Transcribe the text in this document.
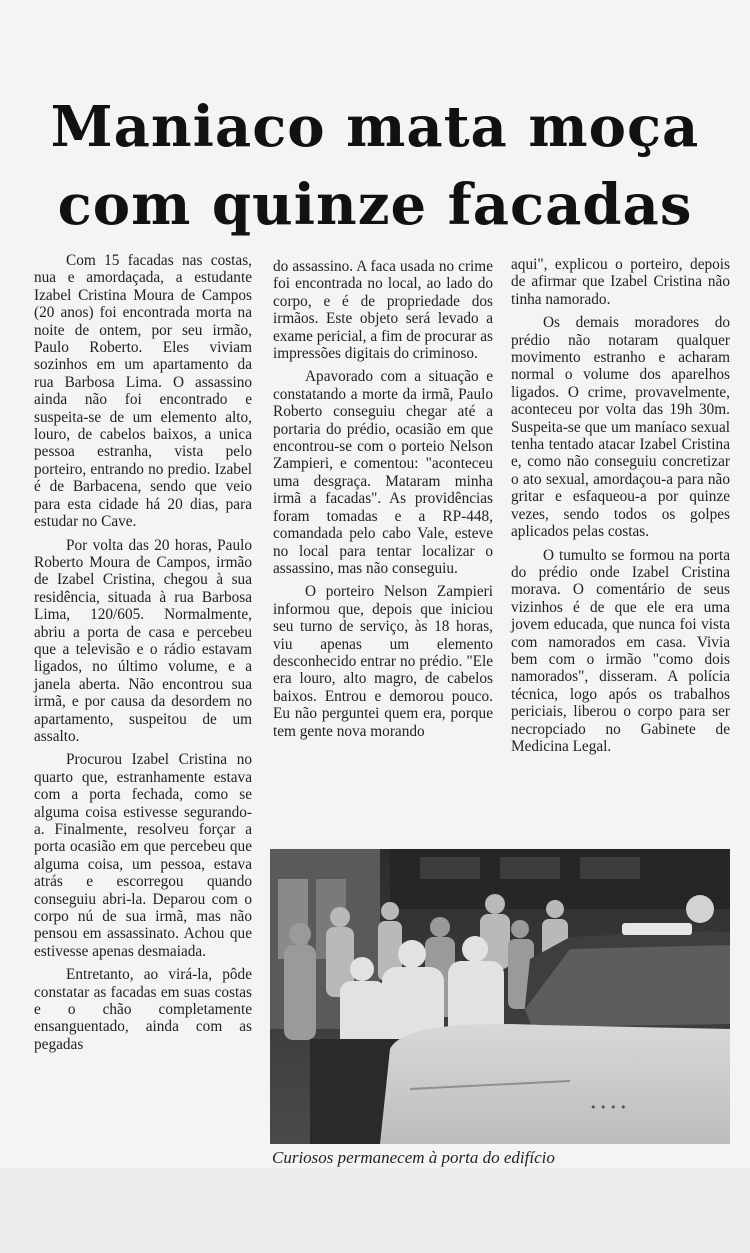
Maniaco mata moça
com quinze facadas

Com 15 facadas nas costas, nua e amordaçada, a estudante Izabel Cristina Moura de Campos (20 anos) foi encontrada morta na noite de ontem, por seu irmão, Paulo Roberto. Eles viviam sozinhos em um apartamento da rua Barbosa Lima. O assassino ainda não foi encontrado e suspeita-se de um elemento alto, louro, de cabelos baixos, a unica pessoa estranha, vista pelo porteiro, entrando no predio. Izabel é de Barbacena, sendo que veio para esta cidade há 20 dias, para estudar no Cave.

Por volta das 20 horas, Paulo Roberto Moura de Campos, irmão de Izabel Cristina, chegou à sua residência, situada à rua Barbosa Lima, 120/605. Normalmente, abriu a porta de casa e percebeu que a televisão e o rádio estavam ligados, no último volume, e a janela aberta. Não encontrou sua irmã, e por causa da desordem no apartamento, suspeitou de um assalto.

Procurou Izabel Cristina no quarto que, estranhamente estava com a porta fechada, como se alguma coisa estivesse segurando-a. Finalmente, resolveu forçar a porta ocasião em que percebeu que alguma coisa, um pessoa, estava atrás e escorregou quando conseguiu abri-la. Deparou com o corpo nú de sua irmã, mas não pensou em assassinato. Achou que estivesse apenas desmaiada.

Entretanto, ao virá-la, pôde constatar as facadas em suas costas e o chão completamente ensanguentado, ainda com as pegadas

do assassino. A faca usada no crime foi encontrada no local, ao lado do corpo, e é de propriedade dos irmãos. Este objeto será levado a exame pericial, a fim de procurar as impressões digitais do criminoso.

Apavorado com a situação e constatando a morte da irmã, Paulo Roberto conseguiu chegar até a portaria do prédio, ocasião em que encontrou-se com o porteio Nelson Zampieri, e comentou: "aconteceu uma desgraça. Mataram minha irmã a facadas". As providências foram tomadas e a RP-448, comandada pelo cabo Vale, esteve no local para tentar localizar o assassino, mas não conseguiu.

O porteiro Nelson Zampieri informou que, depois que iniciou seu turno de serviço, às 18 horas, viu apenas um elemento desconhecido entrar no prédio. "Ele era louro, alto magro, de cabelos baixos. Entrou e demorou pouco. Eu não perguntei quem era, porque tem gente nova morando

aqui", explicou o porteiro, depois de afirmar que Izabel Cristina não tinha namorado.

Os demais moradores do prédio não notaram qualquer movimento estranho e acharam normal o volume dos aparelhos ligados. O crime, provavelmente, aconteceu por volta das 19h 30m. Suspeita-se que um maníaco sexual tenha tentado atacar Izabel Cristina e, como não conseguiu concretizar o ato sexual, amordaçou-a para não gritar e esfaqueou-a por quinze vezes, sendo todos os golpes aplicados pelas costas.

O tumulto se formou na porta do prédio onde Izabel Cristina morava. O comentário de seus vizinhos é de que ele era uma jovem educada, que nunca foi vista com namorados em casa. Vivia bem com o irmão "como dois namorados", disseram. A polícia técnica, logo após os trabalhos periciais, liberou o corpo para ser necropciado no Gabinete de Medicina Legal.

• • • •

Curiosos permanecem à porta do edifício
